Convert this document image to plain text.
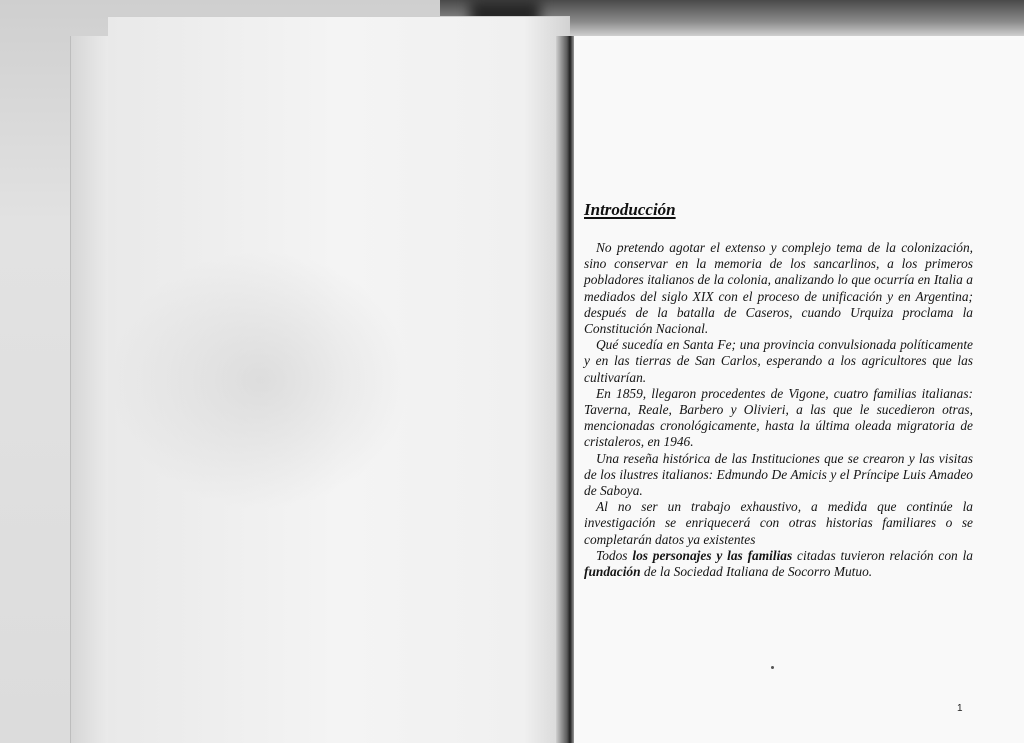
Introducción

No pretendo agotar el extenso y complejo tema de la colonización, sino conservar en la memoria de los sancarlinos, a los primeros pobladores italianos de la colonia, analizando lo que ocurría en Italia a mediados del siglo XIX con el proceso de unificación y en Argentina; después de la batalla de Caseros, cuando Urquiza proclama la Constitución Nacional.

Qué sucedía en Santa Fe; una provincia convulsionada políticamente y en las tierras de San Carlos, esperando a los agricultores que las cultivarían.

En 1859, llegaron procedentes de Vigone, cuatro familias italianas: Taverna, Reale, Barbero y Olivieri, a las que le sucedieron otras, mencionadas cronológicamente, hasta la última oleada migratoria de cristaleros, en 1946.

Una reseña histórica de las Instituciones que se crearon y las visitas de los ilustres italianos: Edmundo De Amicis y el Príncipe Luis Amadeo de Saboya.

Al no ser un trabajo exhaustivo, a medida que continúe la investigación se enriquecerá con otras historias familiares o se completarán datos ya existentes

Todos los personajes y las familias citadas tuvieron relación con la fundación de la Sociedad Italiana de Socorro Mutuo.

1
